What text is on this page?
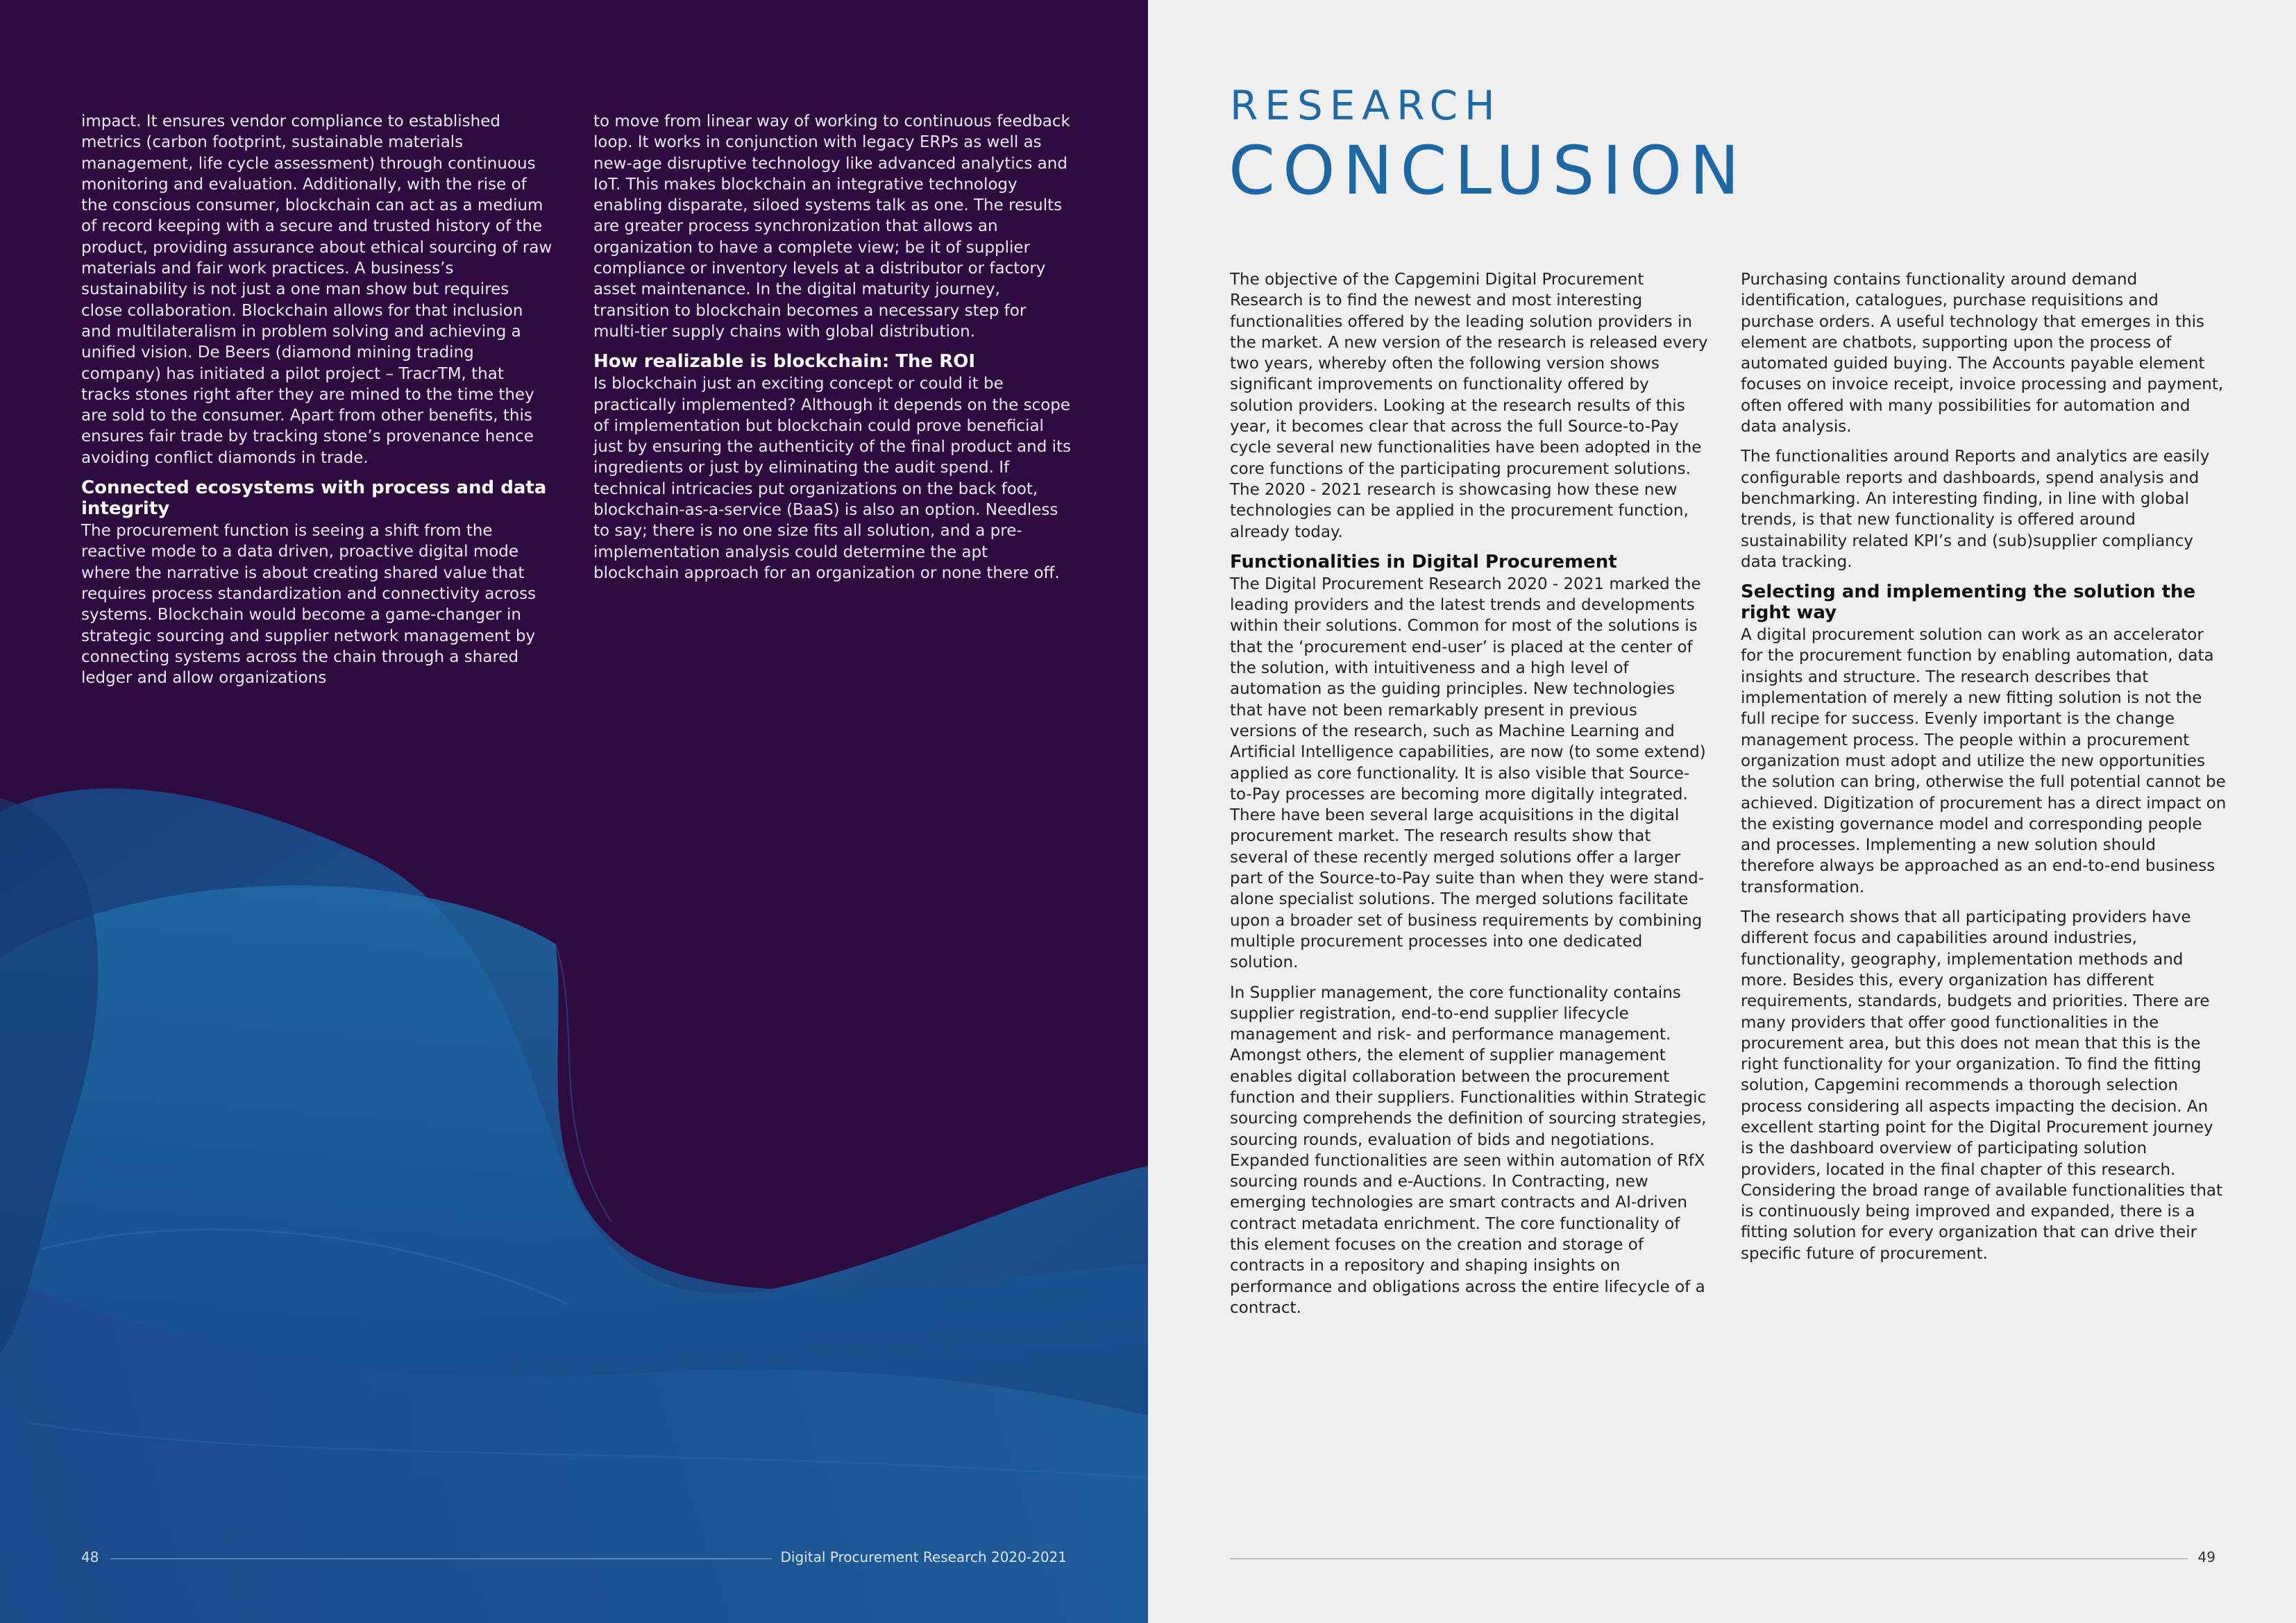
impact. It ensures vendor compliance to established metrics (carbon footprint, sustainable materials management, life cycle assessment) through continuous monitoring and evaluation. Additionally, with the rise of the conscious consumer, blockchain can act as a medium of record keeping with a secure and trusted history of the product, providing assurance about ethical sourcing of raw materials and fair work practices. A business’s sustainability is not just a one man show but requires close collaboration. Blockchain allows for that inclusion and multilateralism in problem solving and achieving a unified vision. De Beers (diamond mining trading company) has initiated a pilot project – TracrTM, that tracks stones right after they are mined to the time they are sold to the consumer. Apart from other benefits, this ensures fair trade by tracking stone’s provenance hence avoiding conflict diamonds in trade.

Connected ecosystems with process and data integrity

The procurement function is seeing a shift from the reactive mode to a data driven, proactive digital mode where the narrative is about creating shared value that requires process standardization and connectivity across systems. Blockchain would become a game-changer in strategic sourcing and supplier network management by connecting systems across the chain through a shared ledger and allow organizations

to move from linear way of working to continuous feedback loop. It works in conjunction with legacy ERPs as well as new-age disruptive technology like advanced analytics and IoT. This makes blockchain an integrative technology enabling disparate, siloed systems talk as one. The results are greater process synchronization that allows an organization to have a complete view; be it of supplier compliance or inventory levels at a distributor or factory asset maintenance. In the digital maturity journey, transition to blockchain becomes a necessary step for multi-tier supply chains with global distribution.

How realizable is blockchain: The ROI

Is blockchain just an exciting concept or could it be practically implemented? Although it depends on the scope of implementation but blockchain could prove beneficial just by ensuring the authenticity of the final product and its ingredients or just by eliminating the audit spend. If technical intricacies put organizations on the back foot, blockchain-as-a-service (BaaS) is also an option. Needless to say; there is no one size fits all solution, and a pre-implementation analysis could determine the apt blockchain approach for an organization or none there off.

48	Digital Procurement Research 2020-2021
RESEARCH
CONCLUSION

The objective of the Capgemini Digital Procurement Research is to find the newest and most interesting functionalities offered by the leading solution providers in the market. A new version of the research is released every two years, whereby often the following version shows significant improvements on functionality offered by solution providers. Looking at the research results of this year, it becomes clear that across the full Source-to-Pay cycle several new functionalities have been adopted in the core functions of the participating procurement solutions. The 2020 - 2021 research is showcasing how these new technologies can be applied in the procurement function, already today.

Functionalities in Digital Procurement

The Digital Procurement Research 2020 - 2021 marked the leading providers and the latest trends and developments within their solutions. Common for most of the solutions is that the ‘procurement end-user’ is placed at the center of the solution, with intuitiveness and a high level of automation as the guiding principles. New technologies that have not been remarkably present in previous versions of the research, such as Machine Learning and Artificial Intelligence capabilities, are now (to some extend) applied as core functionality. It is also visible that Source-to-Pay processes are becoming more digitally integrated. There have been several large acquisitions in the digital procurement market. The research results show that several of these recently merged solutions offer a larger part of the Source-to-Pay suite than when they were stand-alone specialist solutions. The merged solutions facilitate upon a broader set of business requirements by combining multiple procurement processes into one dedicated solution.

In Supplier management, the core functionality contains supplier registration, end-to-end supplier lifecycle management and risk- and performance management. Amongst others, the element of supplier management enables digital collaboration between the procurement function and their suppliers. Functionalities within Strategic sourcing comprehends the definition of sourcing strategies, sourcing rounds, evaluation of bids and negotiations. Expanded functionalities are seen within automation of RfX sourcing rounds and e-Auctions. In Contracting, new emerging technologies are smart contracts and AI-driven contract metadata enrichment. The core functionality of this element focuses on the creation and storage of contracts in a repository and shaping insights on performance and obligations across the entire lifecycle of a contract.

Purchasing contains functionality around demand identification, catalogues, purchase requisitions and purchase orders. A useful technology that emerges in this element are chatbots, supporting upon the process of automated guided buying. The Accounts payable element focuses on invoice receipt, invoice processing and payment, often offered with many possibilities for automation and data analysis.

The functionalities around Reports and analytics are easily configurable reports and dashboards, spend analysis and benchmarking. An interesting finding, in line with global trends, is that new functionality is offered around sustainability related KPI’s and (sub)supplier compliancy data tracking.

Selecting and implementing the solution the right way

A digital procurement solution can work as an accelerator for the procurement function by enabling automation, data insights and structure. The research describes that implementation of merely a new fitting solution is not the full recipe for success. Evenly important is the change management process. The people within a procurement organization must adopt and utilize the new opportunities the solution can bring, otherwise the full potential cannot be achieved. Digitization of procurement has a direct impact on the existing governance model and corresponding people and processes. Implementing a new solution should therefore always be approached as an end-to-end business transformation.

The research shows that all participating providers have different focus and capabilities around industries, functionality, geography, implementation methods and more. Besides this, every organization has different requirements, standards, budgets and priorities. There are many providers that offer good functionalities in the procurement area, but this does not mean that this is the right functionality for your organization. To find the fitting solution, Capgemini recommends a thorough selection process considering all aspects impacting the decision. An excellent starting point for the Digital Procurement journey is the dashboard overview of participating solution providers, located in the final chapter of this research. Considering the broad range of available functionalities that is continuously being improved and expanded, there is a fitting solution for every organization that can drive their specific future of procurement.

49
